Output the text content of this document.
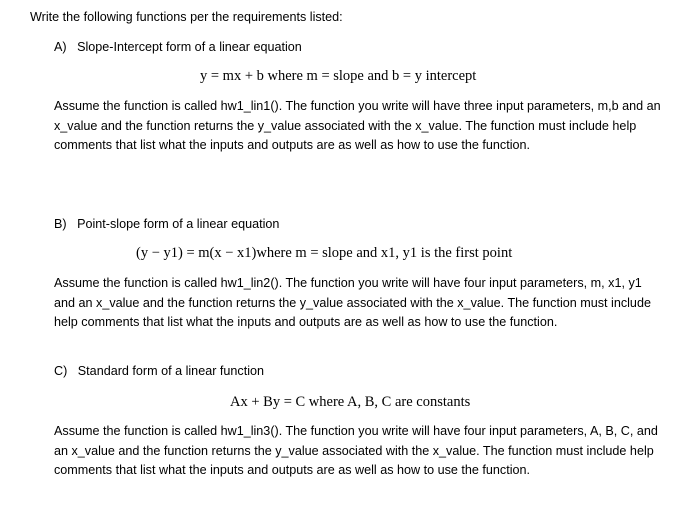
Write the following functions per the requirements listed:
A)   Slope-Intercept form of a linear equation
y = mx + b where m = slope and b = y intercept
Assume the function is called hw1_lin1(). The function you write will have three input parameters, m,b and an x_value and the function returns the y_value associated with the x_value. The function must include help comments that list what the inputs and outputs are as well as how to use the function.
B)   Point-slope form of a linear equation
(y − y1) = m(x − x1)where m = slope and x1, y1 is the first point
Assume the function is called hw1_lin2(). The function you write will have four input parameters, m, x1, y1 and an x_value and the function returns the y_value associated with the x_value. The function must include help comments that list what the inputs and outputs are as well as how to use the function.
C)   Standard form of a linear function
Ax + By = C where A, B, C are constants
Assume the function is called hw1_lin3(). The function you write will have four input parameters, A, B, C, and an x_value and the function returns the y_value associated with the x_value. The function must include help comments that list what the inputs and outputs are as well as how to use the function.
